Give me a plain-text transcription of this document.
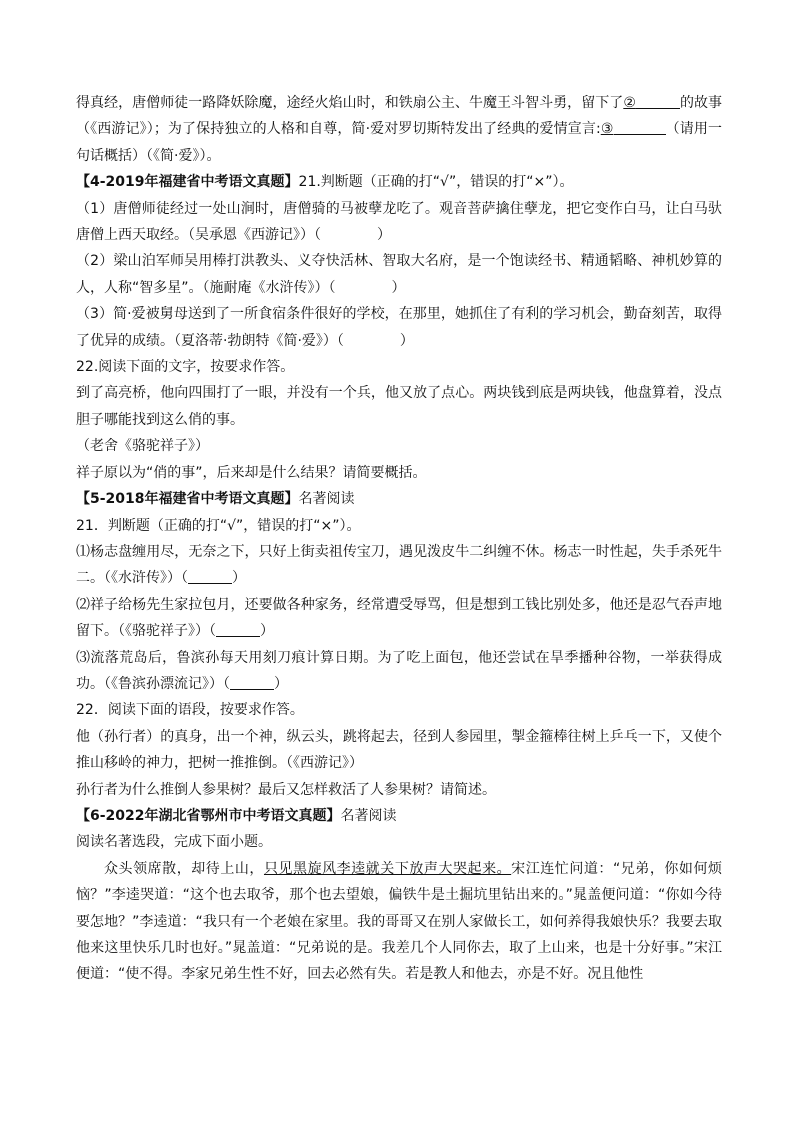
得真经，唐僧师徒一路降妖除魔，途经火焰山时，和铁扇公主、牛魔王斗智斗勇，留下了②	的故事（《西游记》）；为了保持独立的人格和自尊，简·爱对罗切斯特发出了经典的爱情宣言:③	（请用一句话概括）（《简·爱》）。

【4-2019年福建省中考语文真题】21.判断题（正确的打“√”，错误的打“×”）。

（1）唐僧师徒经过一处山涧时，唐僧骑的马被孽龙吃了。观音菩萨擒住孽龙，把它变作白马，让白马驮唐僧上西天取经。（吴承恩《西游记》）（　　　　）

（2）梁山泊军师吴用棒打洪教头、义夺快活林、智取大名府，是一个饱读经书、精通韬略、神机妙算的人，人称“智多星”。（施耐庵《水浒传》）（　　　　）

（3）简·爱被舅母送到了一所食宿条件很好的学校，在那里，她抓住了有利的学习机会，勤奋刻苦，取得了优异的成绩。（夏洛蒂·勃朗特《简·爱》）（　　　　）

22.阅读下面的文字，按要求作答。

到了高亮桥，他向四围打了一眼，并没有一个兵，他又放了点心。两块钱到底是两块钱，他盘算着，没点胆子哪能找到这么俏的事。

（老舍《骆驼祥子》）

祥子原以为“俏的事”，后来却是什么结果？请简要概括。

【5-2018年福建省中考语文真题】名著阅读

21．判断题（正确的打“√”，错误的打“×”）。

⑴杨志盘缠用尽，无奈之下，只好上街卖祖传宝刀，遇见泼皮牛二纠缠不休。杨志一时性起，失手杀死牛二。（《水浒传》）（	）

⑵祥子给杨先生家拉包月，还要做各种家务，经常遭受辱骂，但是想到工钱比别处多，他还是忍气吞声地留下。（《骆驼祥子》）（	）

⑶流落荒岛后，鲁滨孙每天用刻刀痕计算日期。为了吃上面包，他还尝试在旱季播种谷物，一举获得成功。（《鲁滨孙漂流记》）（	）

22．阅读下面的语段，按要求作答。

他（孙行者）的真身，出一个神，纵云头，跳将起去，径到人参园里，掣金箍棒往树上乒乓一下，又使个推山移岭的神力，把树一推推倒。（《西游记》）

孙行者为什么推倒人参果树？最后又怎样救活了人参果树？请简述。

【6-2022年湖北省鄂州市中考语文真题】名著阅读

阅读名著选段，完成下面小题。

众头领席散，却待上山，只见黑旋风李逵就关下放声大哭起来。宋江连忙问道：“兄弟，你如何烦恼？”李逵哭道：“这个也去取爷，那个也去望娘，偏铁牛是土掘坑里钻出来的。”晁盖便问道：“你如今待要怎地？”李逵道：“我只有一个老娘在家里。我的哥哥又在别人家做长工，如何养得我娘快乐？我要去取他来这里快乐几时也好。”晁盖道：“兄弟说的是。我差几个人同你去，取了上山来，也是十分好事。”宋江便道：“使不得。李家兄弟生性不好，回去必然有失。若是教人和他去，亦是不好。况且他性
